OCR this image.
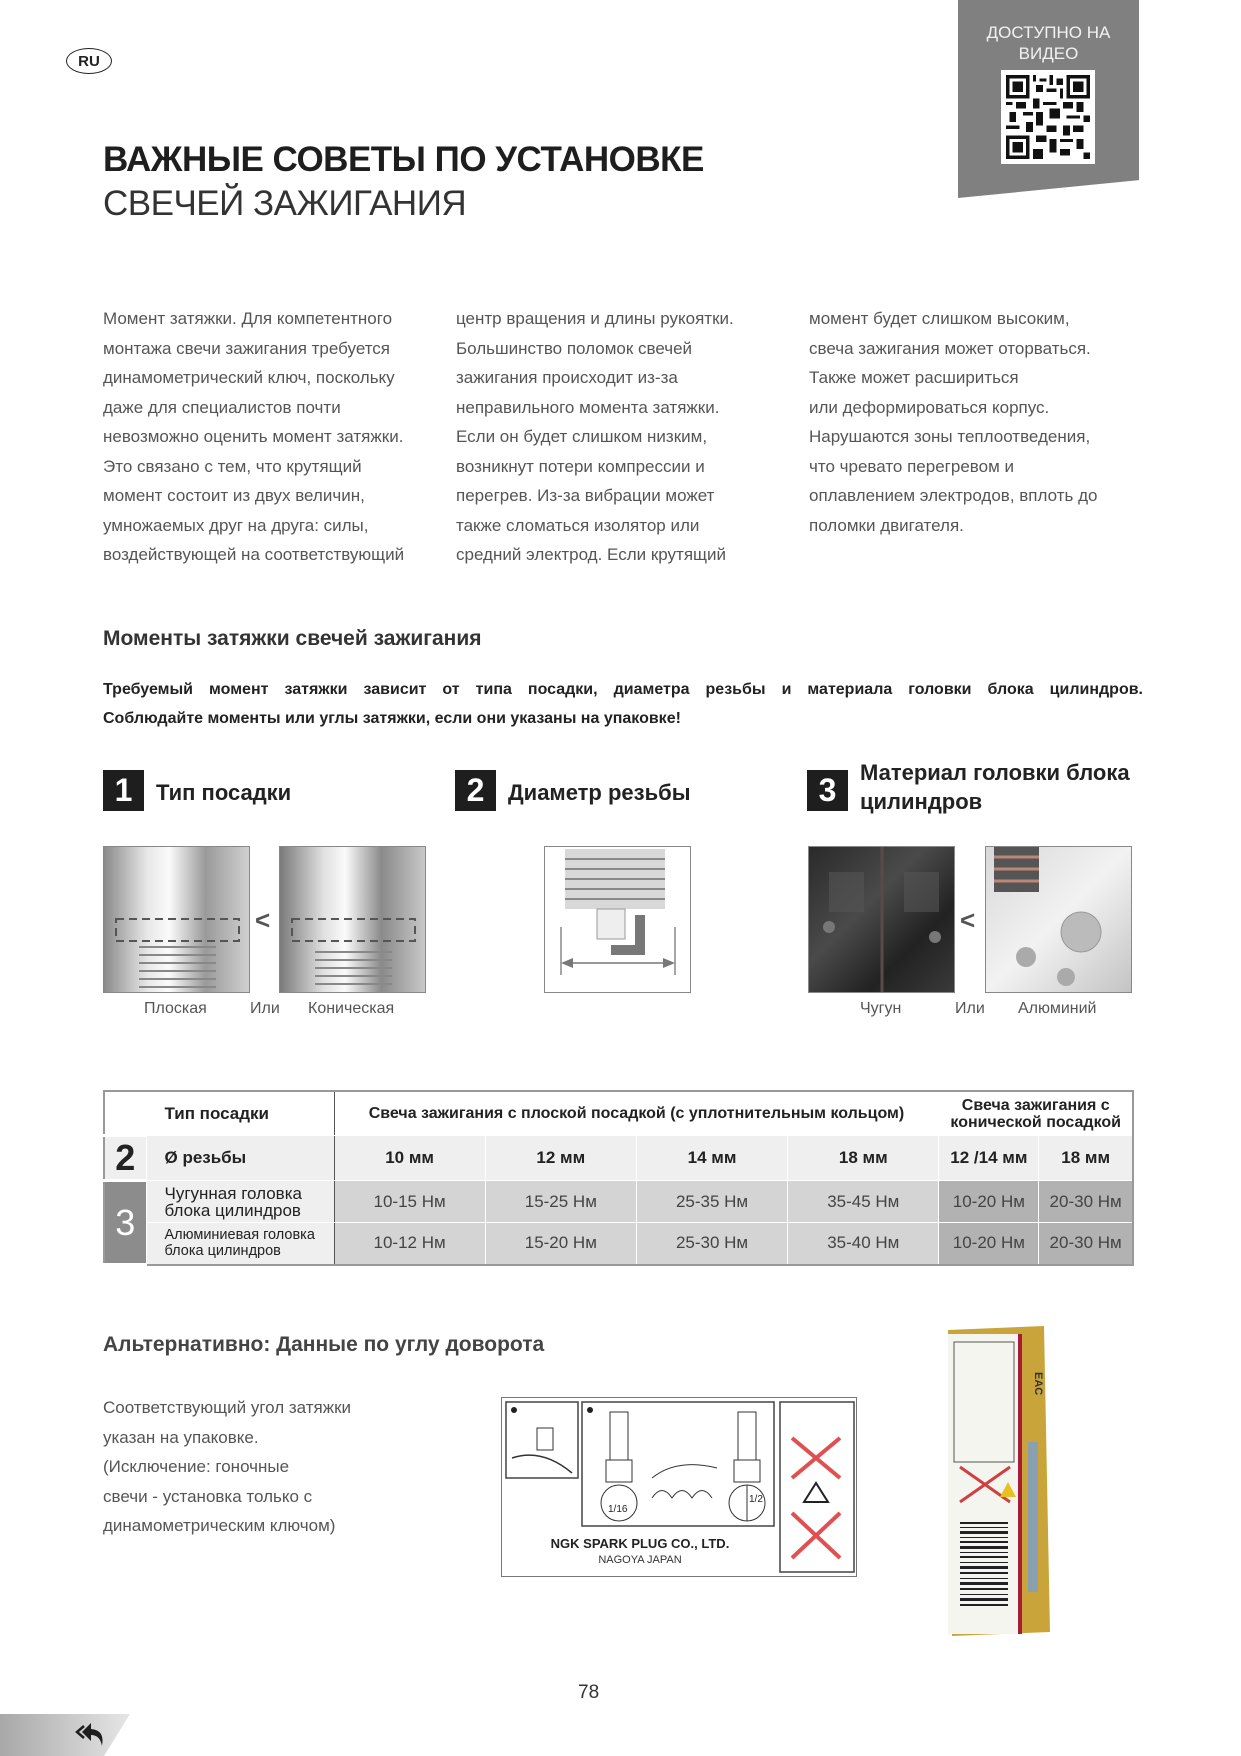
RU
ДОСТУПНО НА
ВИДЕО
ВАЖНЫЕ СОВЕТЫ ПО УСТАНОВКЕ
СВЕЧЕЙ ЗАЖИГАНИЯ

Момент затяжки. Для компетентного

монтажа свечи зажигания требуется

динамометрический ключ, поскольку

даже для специалистов почти

невозможно оценить момент затяжки.

Это связано с тем, что крутящий

момент состоит из двух величин,

умножаемых друг на друга: силы,

воздействующей на соответствующий

центр вращения и длины рукоятки.

Большинство поломок свечей

зажигания происходит из-за

неправильного момента затяжки.

Если он будет слишком низким,

возникнут потери компрессии и

перегрев. Из-за вибрации может

также сломаться изолятор или

средний электрод. Если крутящий

момент будет слишком высоким,

свеча зажигания может оторваться.

Также может расшириться

или деформироваться корпус.

Нарушаются зоны теплоотведения,

что чревато перегревом и

оплавлением электродов, вплоть до

поломки двигателя.

Моменты затяжки свечей зажигания
Требуемый момент затяжки зависит от типа посадки, диаметра резьбы и материала головки блока цилиндров.
Соблюдайте моменты или углы затяжки, если они указаны на упаковке!
1	Тип посадки	2	Диаметр резьбы	3	Материал головки блока
цилиндров
<
Плоская	Или Коническая
<
Чугун	Или Алюминий
1	Тип посадки	Свеча зажигания с плоской посадкой (с уплотнительным кольцом)				Свеча зажигания с
конической посадкой	

2	Ø резьбы	10 мм	12 мм	14 мм	18 мм	12 /14 мм	18 мм
3	Чугунная головка
блока цилиндров	10-15 Нм	15-25 Нм	25-35 Нм	35-45 Нм	10-20 Нм	20-30 Нм

	Алюминиевая головка
блока цилиндров	10-12 Нм	15-20 Нм	25-30 Нм	35-40 Нм	10-20 Нм	20-30 Нм
Альтернативно: Данные по углу доворота
Соответствующий угол затяжки
указан на упаковке.
(Исключение: гоночные
свечи - установка только с
динамометрическим ключом)
1/16
1/2
NGK SPARK PLUG CO., LTD.
NAGOYA JAPAN
EAC
78
